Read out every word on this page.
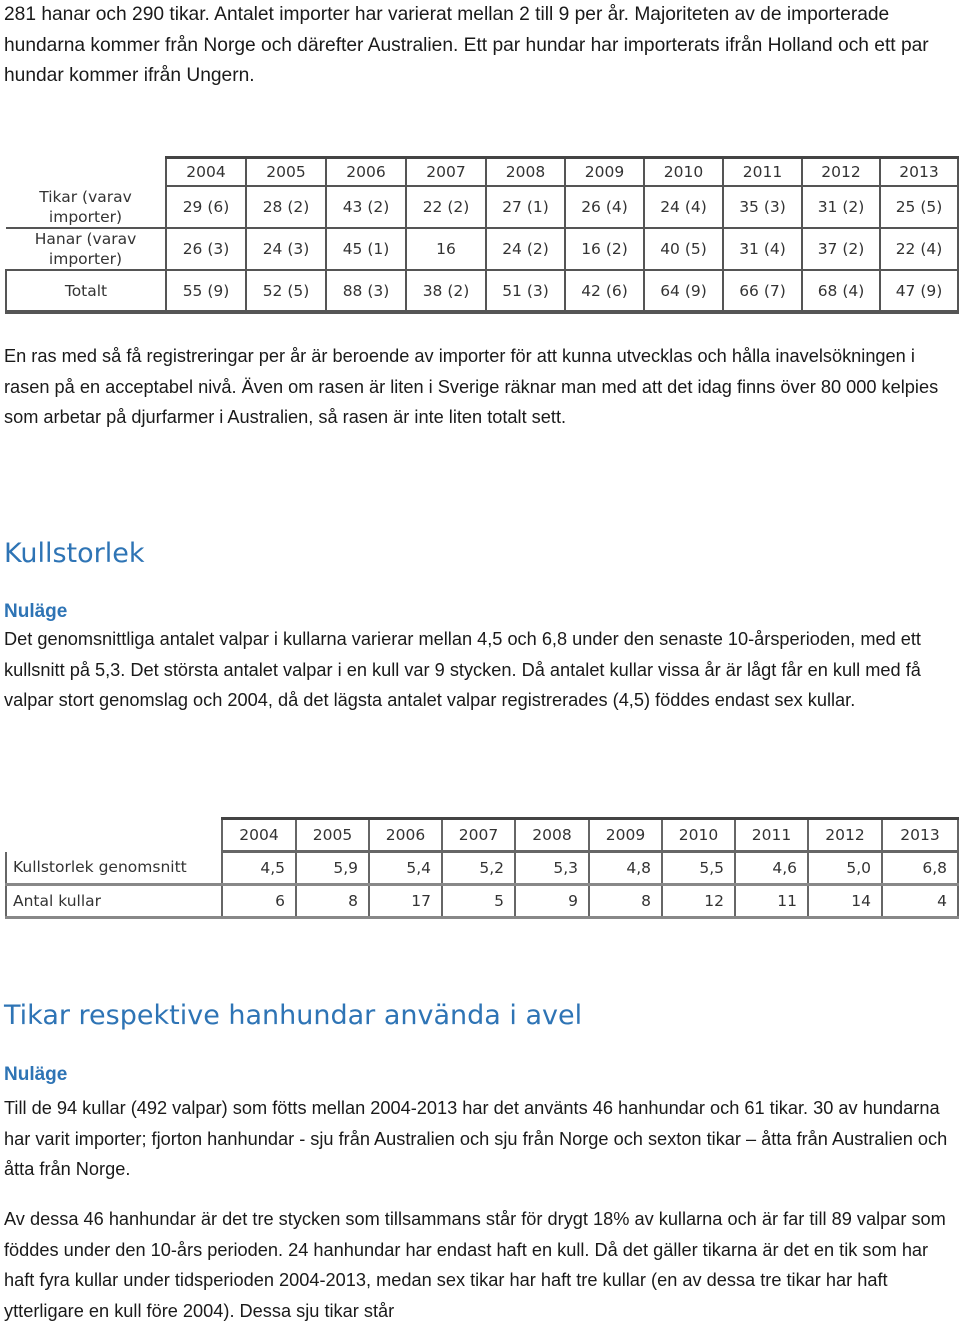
281 hanar och 290 tikar. Antalet importer har varierat mellan 2 till 9 per år. Majoriteten av de importerade hundarna kommer från Norge och därefter Australien. Ett par hundar har importerats ifrån Holland och ett par hundar kommer ifrån Ungern.

	2004	2005	2006	2007	2008	2009	2010	2011	2012	2013
Tikar (varav importer)	29 (6)	28 (2)	43 (2)	22 (2)	27 (1)	26 (4)	24 (4)	35 (3)	31 (2)	25 (5)
Hanar (varav importer)	26 (3)	24 (3)	45 (1)	16	24 (2)	16 (2)	40 (5)	31 (4)	37 (2)	22 (4)
Totalt	55 (9)	52 (5)	88 (3)	38 (2)	51 (3)	42 (6)	64 (9)	66 (7)	68 (4)	47 (9)

En ras med så få registreringar per år är beroende av importer för att kunna utvecklas och hålla inavelsökningen i rasen på en acceptabel nivå. Även om rasen är liten i Sverige räknar man med att det idag finns över 80 000 kelpies som arbetar på djurfarmer i Australien, så rasen är inte liten totalt sett.

Kullstorlek
Nuläge

Det genomsnittliga antalet valpar i kullarna varierar mellan 4,5 och 6,8 under den senaste 10-årsperioden, med ett kullsnitt på 5,3. Det största antalet valpar i en kull var 9 stycken. Då antalet kullar vissa år är lågt får en kull med få valpar stort genomslag och 2004, då det lägsta antalet valpar registrerades (4,5) föddes endast sex kullar.

	2004	2005	2006	2007	2008	2009	2010	2011	2012	2013
Kullstorlek genomsnitt	4,5	5,9	5,4	5,2	5,3	4,8	5,5	4,6	5,0	6,8
Antal kullar	6	8	17	5	9	8	12	11	14	4
Tikar respektive hanhundar använda i avel
Nuläge

Till de 94 kullar (492 valpar) som fötts mellan 2004-2013 har det använts 46 hanhundar och 61 tikar. 30 av hundarna har varit importer; fjorton hanhundar - sju från Australien och sju från Norge och sexton tikar – åtta från Australien och åtta från Norge.

Av dessa 46 hanhundar är det tre stycken som tillsammans står för drygt 18% av kullarna och är far till 89 valpar som föddes under den 10-års perioden. 24 hanhundar har endast haft en kull. Då det gäller tikarna är det en tik som har haft fyra kullar under tidsperioden 2004-2013, medan sex tikar har haft tre kullar (en av dessa tre tikar har haft ytterligare en kull före 2004). Dessa sju tikar står
